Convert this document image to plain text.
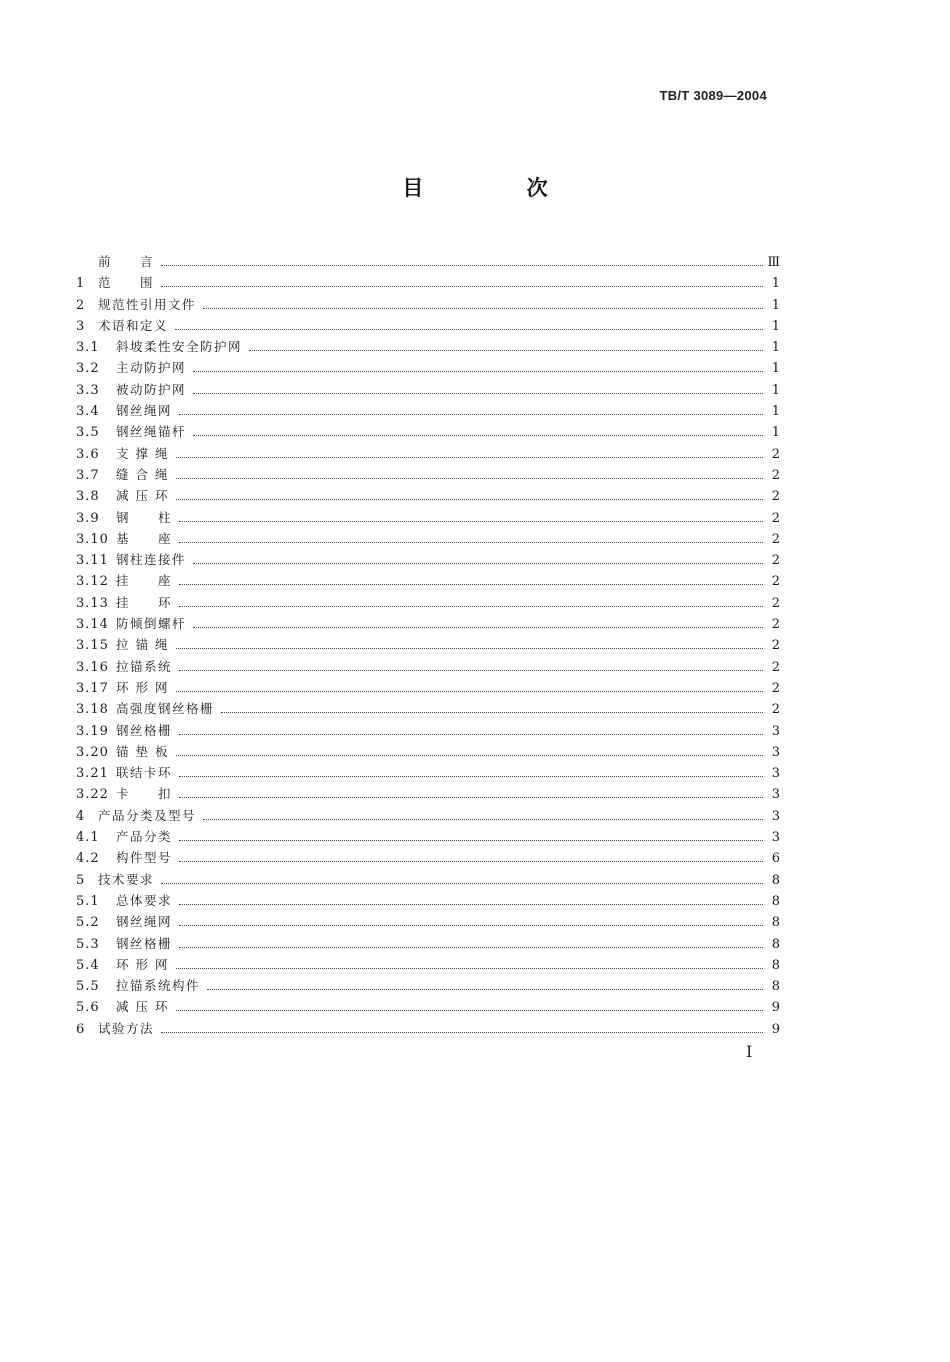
TB/T 3089—2004
目 次
前　　言	Ⅲ
1	范　　围	1
2	规范性引用文件	1
3	术语和定义	1
3.1	斜坡柔性安全防护网	1
3.2	主动防护网	1
3.3	被动防护网	1
3.4	钢丝绳网	1
3.5	钢丝绳锚杆	1
3.6	支 撑 绳	2
3.7	缝 合 绳	2
3.8	减 压 环	2
3.9	钢　　柱	2
3.10 基　　座	2
3.11 钢柱连接件	2
3.12 挂　　座	2
3.13 挂　　环	2
3.14 防倾倒螺杆	2
3.15 拉 锚 绳	2
3.16 拉锚系统	2
3.17 环 形 网	2
3.18 高强度钢丝格栅	2
3.19 钢丝格栅	3
3.20 锚 垫 板	3
3.21 联结卡环	3
3.22 卡　　扣	3
4	产品分类及型号	3
4.1	产品分类	3
4.2	构件型号	6
5	技术要求	8
5.1	总体要求	8
5.2	钢丝绳网	8
5.3	钢丝格栅	8
5.4	环 形 网	8
5.5	拉锚系统构件	8
5.6	减 压 环	9
6	试验方法	9
I
